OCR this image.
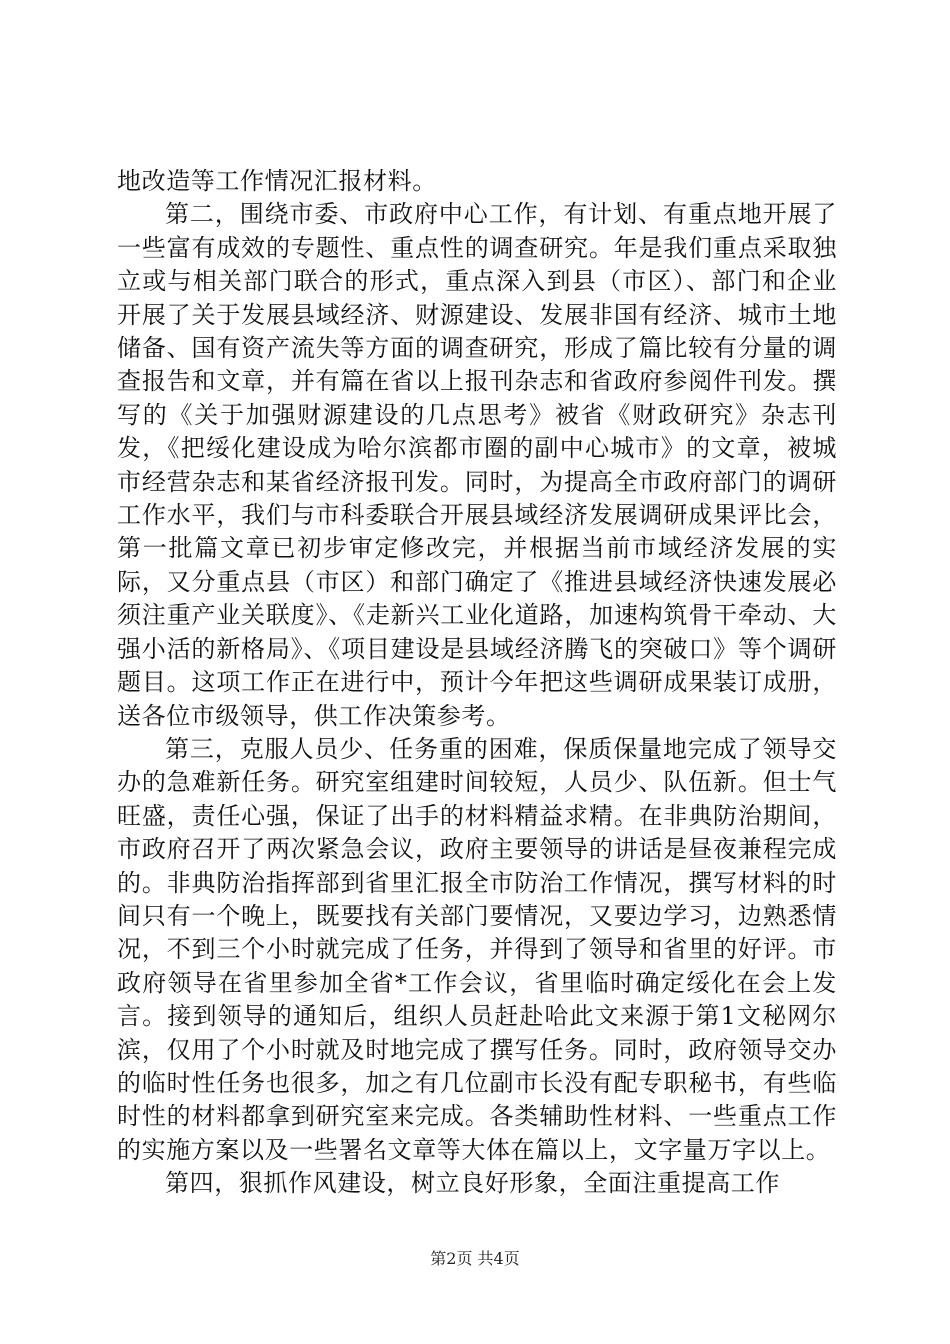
地改造等工作情况汇报材料。

第二，围绕市委、市政府中心工作，有计划、有重点地开展了一些富有成效的专题性、重点性的调查研究。年是我们重点采取独立或与相关部门联合的形式，重点深入到县（市区）、部门和企业开展了关于发展县域经济、财源建设、发展非国有经济、城市土地储备、国有资产流失等方面的调查研究，形成了篇比较有分量的调查报告和文章，并有篇在省以上报刊杂志和省政府参阅件刊发。撰写的《关于加强财源建设的几点思考》被省《财政研究》杂志刊发，《把绥化建设成为哈尔滨都市圈的副中心城市》的文章，被城市经营杂志和某省经济报刊发。同时，为提高全市政府部门的调研工作水平，我们与市科委联合开展县域经济发展调研成果评比会，第一批篇文章已初步审定修改完，并根据当前市域经济发展的实际，又分重点县（市区）和部门确定了《推进县域经济快速发展必须注重产业关联度》、《走新兴工业化道路，加速构筑骨干牵动、大强小活的新格局》、《项目建设是县域经济腾飞的突破口》等个调研题目。这项工作正在进行中，预计今年把这些调研成果装订成册，送各位市级领导，供工作决策参考。

第三，克服人员少、任务重的困难，保质保量地完成了领导交办的急难新任务。研究室组建时间较短，人员少、队伍新。但士气旺盛，责任心强，保证了出手的材料精益求精。在非典防治期间，市政府召开了两次紧急会议，政府主要领导的讲话是昼夜兼程完成的。非典防治指挥部到省里汇报全市防治工作情况，撰写材料的时间只有一个晚上，既要找有关部门要情况，又要边学习，边熟悉情况，不到三个小时就完成了任务，并得到了领导和省里的好评。市政府领导在省里参加全省*工作会议，省里临时确定绥化在会上发言。接到领导的通知后，组织人员赶赴哈此文来源于第1文秘网尔滨，仅用了个小时就及时地完成了撰写任务。同时，政府领导交办的临时性任务也很多，加之有几位副市长没有配专职秘书，有些临时性的材料都拿到研究室来完成。各类辅助性材料、一些重点工作的实施方案以及一些署名文章等大体在篇以上，文字量万字以上。

第四，狠抓作风建设，树立良好形象，全面注重提高工作

第2页 共4页
